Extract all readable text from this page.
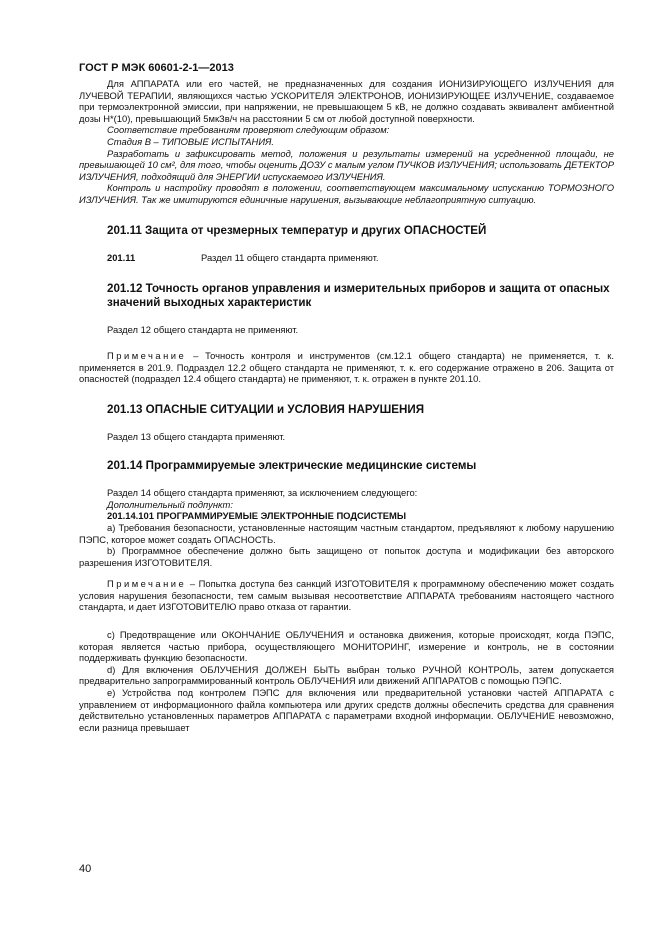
ГОСТ Р МЭК 60601-2-1—2013

Для АППАРАТА или его частей, не предназначенных для создания ИОНИЗИРУЮЩЕГО ИЗЛУЧЕНИЯ для ЛУЧЕВОЙ ТЕРАПИИ, являющихся частью УСКОРИТЕЛЯ ЭЛЕКТРОНОВ, ИОНИЗИРУЮЩЕЕ ИЗЛУЧЕНИЕ, создаваемое при термоэлектронной эмиссии, при напряжении, не превышающем 5 кВ, не должно создавать эквивалент амбиентной дозы Н*(10), превышающий 5мкЗв/ч на расстоянии 5 см от любой доступной поверхности.

Соответствие требованиям проверяют следующим образом:

Стадия В – ТИПОВЫЕ ИСПЫТАНИЯ.

Разработать и зафиксировать метод, положения и результаты измерений на усредненной площади, не превышающей 10 см², для того, чтобы оценить ДОЗУ с малым углом ПУЧКОВ ИЗЛУЧЕНИЯ; использовать ДЕТЕКТОР ИЗЛУЧЕНИЯ, подходящий для ЭНЕРГИИ испускаемого ИЗЛУЧЕНИЯ.

Контроль и настройку проводят в положении, соответствующем максимальному испусканию ТОРМОЗНОГО ИЗЛУЧЕНИЯ. Так же имитируются единичные нарушения, вызывающие неблагоприятную ситуацию.

201.11 Защита от чрезмерных температур и других ОПАСНОСТЕЙ

201.11	Раздел 11 общего стандарта применяют.

201.12 Точность органов управления и измерительных приборов и защита от опасных значений выходных характеристик

Раздел 12 общего стандарта не применяют.

Примечание – Точность контроля и инструментов (см.12.1 общего стандарта) не применяется, т. к. применяется в 201.9. Подраздел 12.2 общего стандарта не применяют, т. к. его содержание отражено в 206. Защита от опасностей (подраздел 12.4 общего стандарта) не применяют, т. к. отражен в пункте 201.10.

201.13 ОПАСНЫЕ СИТУАЦИИ и УСЛОВИЯ НАРУШЕНИЯ

Раздел 13 общего стандарта применяют.

201.14 Программируемые электрические медицинские системы

Раздел 14 общего стандарта применяют, за исключением следующего:

Дополнительный подпункт:

201.14.101 ПРОГРАММИРУЕМЫЕ ЭЛЕКТРОННЫЕ ПОДСИСТЕМЫ

a) Требования безопасности, установленные настоящим частным стандартом, предъявляют к любому нарушению ПЭПС, которое может создать ОПАСНОСТЬ.

b) Программное обеспечение должно быть защищено от попыток доступа и модификации без авторского разрешения ИЗГОТОВИТЕЛЯ.

Примечание – Попытка доступа без санкций ИЗГОТОВИТЕЛЯ к программному обеспечению может создать условия нарушения безопасности, тем самым вызывая несоответствие АППАРАТА требованиям настоящего частного стандарта, и дает ИЗГОТОВИТЕЛЮ право отказа от гарантии.

c) Предотвращение или ОКОНЧАНИЕ ОБЛУЧЕНИЯ и остановка движения, которые происходят, когда ПЭПС, которая является частью прибора, осуществляющего МОНИТОРИНГ, измерение и контроль, не в состоянии поддерживать функцию безопасности.

d) Для включения ОБЛУЧЕНИЯ ДОЛЖЕН БЫТЬ выбран только РУЧНОЙ КОНТРОЛЬ, затем допускается предварительно запрограммированный контроль ОБЛУЧЕНИЯ или движений АППАРАТОВ с помощью ПЭПС.

e) Устройства под контролем ПЭПС для включения или предварительной установки частей АППАРАТА с управлением от информационного файла компьютера или других средств должны обеспечить средства для сравнения действительно установленных параметров АППАРАТА с параметрами входной информации. ОБЛУЧЕНИЕ невозможно, если разница превышает

40
